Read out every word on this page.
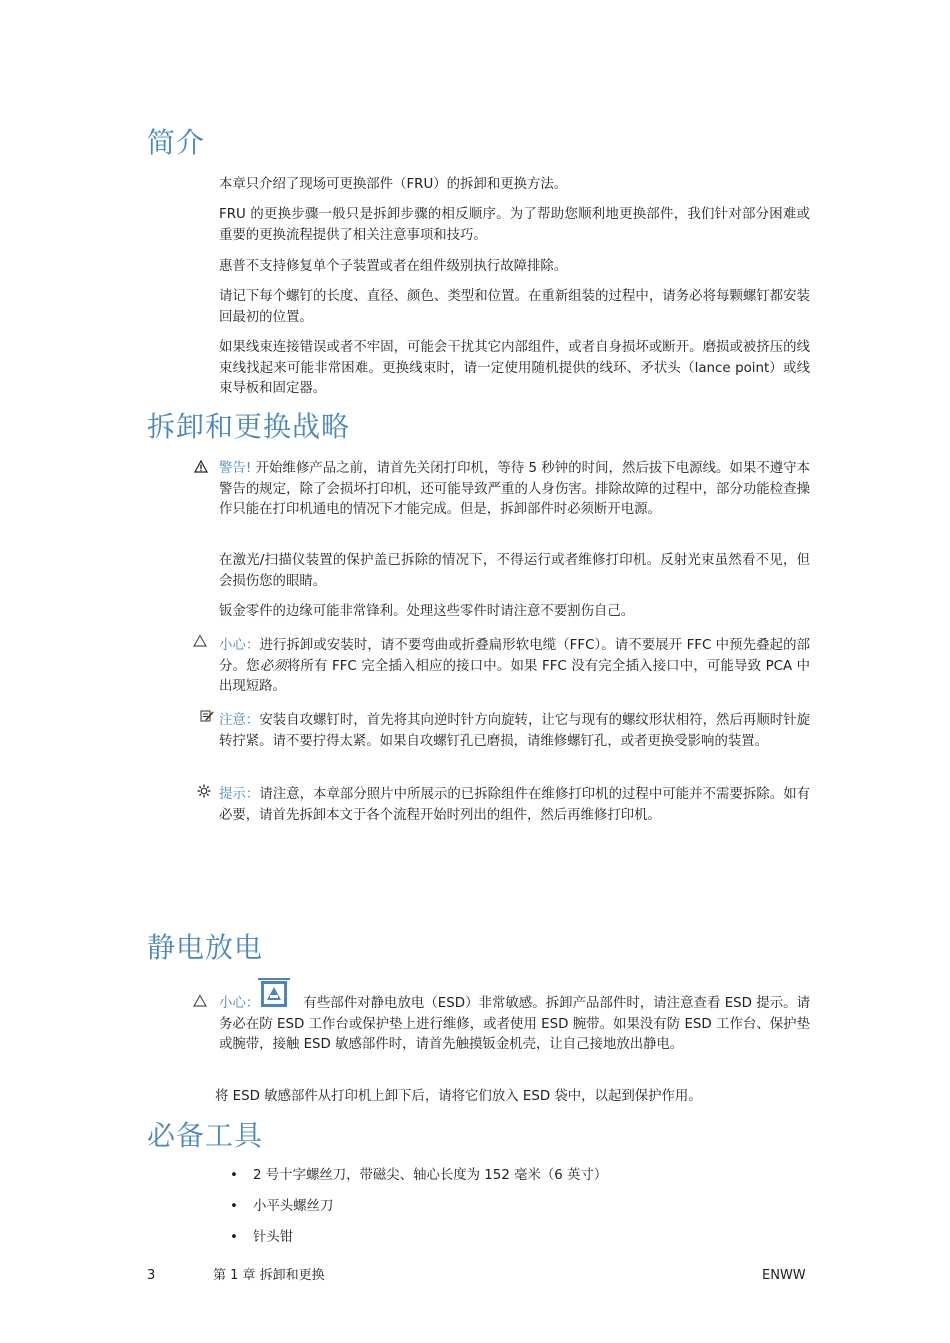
简介

本章只介绍了现场可更换部件（FRU）的拆卸和更换方法。

FRU 的更换步骤一般只是拆卸步骤的相反顺序。为了帮助您顺利地更换部件，我们针对部分困难或重要的更换流程提供了相关注意事项和技巧。

惠普不支持修复单个子装置或者在组件级别执行故障排除。

请记下每个螺钉的长度、直径、颜色、类型和位置。在重新组装的过程中，请务必将每颗螺钉都安装回最初的位置。

如果线束连接错误或者不牢固，可能会干扰其它内部组件，或者自身损坏或断开。磨损或被挤压的线束线找起来可能非常困难。更换线束时，请一定使用随机提供的线环、矛状头（lance point）或线束导板和固定器。

拆卸和更换战略

警告! 开始维修产品之前，请首先关闭打印机，等待 5 秒钟的时间，然后拔下电源线。如果不遵守本警告的规定，除了会损坏打印机，还可能导致严重的人身伤害。排除故障的过程中，部分功能检查操作只能在打印机通电的情况下才能完成。但是，拆卸部件时必须断开电源。

在激光/扫描仪装置的保护盖已拆除的情况下，不得运行或者维修打印机。反射光束虽然看不见，但会损伤您的眼睛。

钣金零件的边缘可能非常锋利。处理这些零件时请注意不要割伤自己。

小心：进行拆卸或安装时，请不要弯曲或折叠扁形软电缆（FFC）。请不要展开 FFC 中预先叠起的部分。您必须将所有 FFC 完全插入相应的接口中。如果 FFC 没有完全插入接口中，可能导致 PCA 中出现短路。

注意：安装自攻螺钉时，首先将其向逆时针方向旋转，让它与现有的螺纹形状相符，然后再顺时针旋转拧紧。请不要拧得太紧。如果自攻螺钉孔已磨损，请维修螺钉孔，或者更换受影响的装置。

提示：请注意，本章部分照片中所展示的已拆除组件在维修打印机的过程中可能并不需要拆除。如有必要，请首先拆卸本文于各个流程开始时列出的组件，然后再维修打印机。

静电放电

小心：	有些部件对静电放电（ESD）非常敏感。拆卸产品部件时，请注意查看 ESD 提示。请务必在防 ESD 工作台或保护垫上进行维修，或者使用 ESD 腕带。如果没有防 ESD 工作台、保护垫或腕带，接触 ESD 敏感部件时，请首先触摸钣金机壳，让自己接地放出静电。

将 ESD 敏感部件从打印机上卸下后，请将它们放入 ESD 袋中，以起到保护作用。

必备工具
• 2 号十字螺丝刀，带磁尖、轴心长度为 152 毫米（6 英寸）
• 小平头螺丝刀
• 针头钳
3	第 1 章 拆卸和更换	ENWW
